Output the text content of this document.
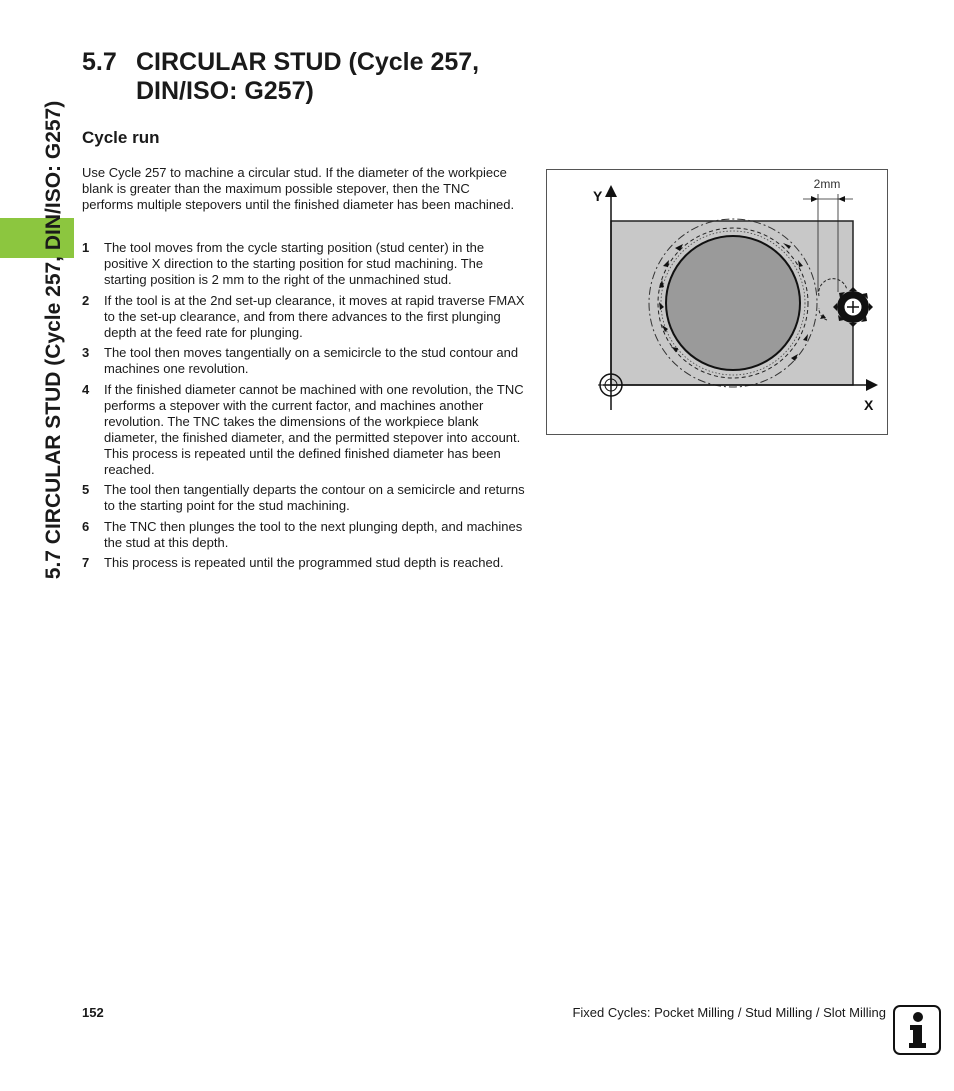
5.7 CIRCULAR STUD (Cycle 257, DIN/ISO: G257)
5.7 CIRCULAR STUD (Cycle 257,
DIN/ISO: G257)
Cycle run

Use Cycle 257 to machine a circular stud. If the diameter of the workpiece blank is greater than the maximum possible stepover, then the TNC performs multiple stepovers until the finished diameter has been machined.

1	The tool moves from the cycle starting position (stud center) in the positive X direction to the starting position for stud machining. The starting position is 2 mm to the right of the unmachined stud.
2	If the tool is at the 2nd set-up clearance, it moves at rapid traverse FMAX to the set-up clearance, and from there advances to the first plunging depth at the feed rate for plunging.
3	The tool then moves tangentially on a semicircle to the stud contour and machines one revolution.
4	If the finished diameter cannot be machined with one revolution, the TNC performs a stepover with the current factor, and machines another revolution. The TNC takes the dimensions of the workpiece blank diameter, the finished diameter, and the permitted stepover into account. This process is repeated until the defined finished diameter has been reached.
5	The tool then tangentially departs the contour on a semicircle and returns to the starting point for the stud machining.
6	The TNC then plunges the tool to the next plunging depth, and machines the stud at this depth.
7	This process is repeated until the programmed stud depth is reached.
2mm
Y
X
152	Fixed Cycles: Pocket Milling / Stud Milling / Slot Milling
